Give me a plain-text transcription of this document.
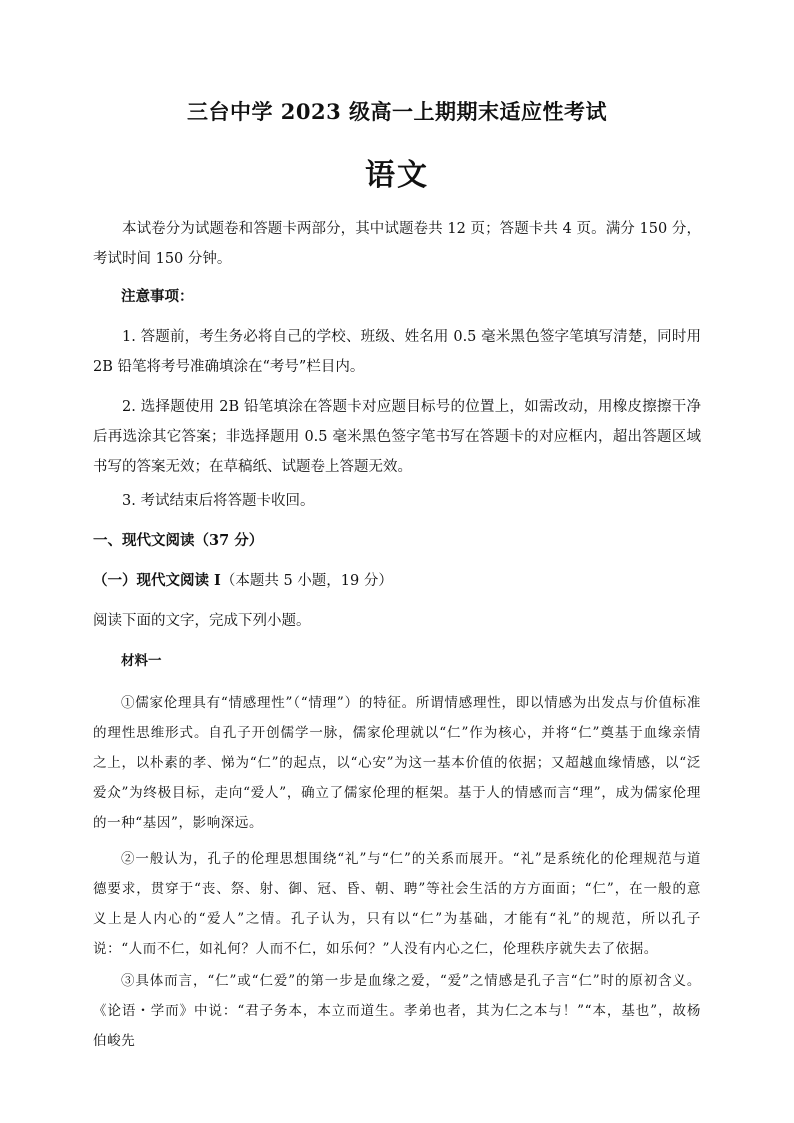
三台中学 2023 级高一上期期末适应性考试
语文

本试卷分为试题卷和答题卡两部分，其中试题卷共 12 页；答题卡共 4 页。满分 150 分，考试时间 150 分钟。

注意事项：

1. 答题前，考生务必将自己的学校、班级、姓名用 0.5 毫米黑色签字笔填写清楚，同时用 2B 铅笔将考号准确填涂在“考号”栏目内。

2. 选择题使用 2B 铅笔填涂在答题卡对应题目标号的位置上，如需改动，用橡皮擦擦干净后再选涂其它答案；非选择题用 0.5 毫米黑色签字笔书写在答题卡的对应框内，超出答题区域书写的答案无效；在草稿纸、试题卷上答题无效。

3. 考试结束后将答题卡收回。

一、现代文阅读（37 分）

（一）现代文阅读 I（本题共 5 小题，19 分）

阅读下面的文字，完成下列小题。

材料一

①儒家伦理具有“情感理性”（“情理”）的特征。所谓情感理性，即以情感为出发点与价值标准的理性思维形式。自孔子开创儒学一脉，儒家伦理就以“仁”作为核心，并将“仁”奠基于血缘亲情之上，以朴素的孝、悌为“仁”的起点，以“心安”为这一基本价值的依据；又超越血缘情感，以“泛爱众”为终极目标，走向“爱人”，确立了儒家伦理的框架。基于人的情感而言“理”，成为儒家伦理的一种“基因”，影响深远。

②一般认为，孔子的伦理思想围绕“礼”与“仁”的关系而展开。“礼”是系统化的伦理规范与道德要求，贯穿于“丧、祭、射、御、冠、昏、朝、聘”等社会生活的方方面面；“仁”，在一般的意义上是人内心的“爱人”之情。孔子认为，只有以“仁”为基础，才能有“礼”的规范，所以孔子说：“人而不仁，如礼何？人而不仁，如乐何？”人没有内心之仁，伦理秩序就失去了依据。

③具体而言，“仁”或“仁爱”的第一步是血缘之爱，“爱”之情感是孔子言“仁”时的原初含义。《论语・学而》中说：“君子务本，本立而道生。孝弟也者，其为仁之本与！”“本，基也”，故杨伯峻先
